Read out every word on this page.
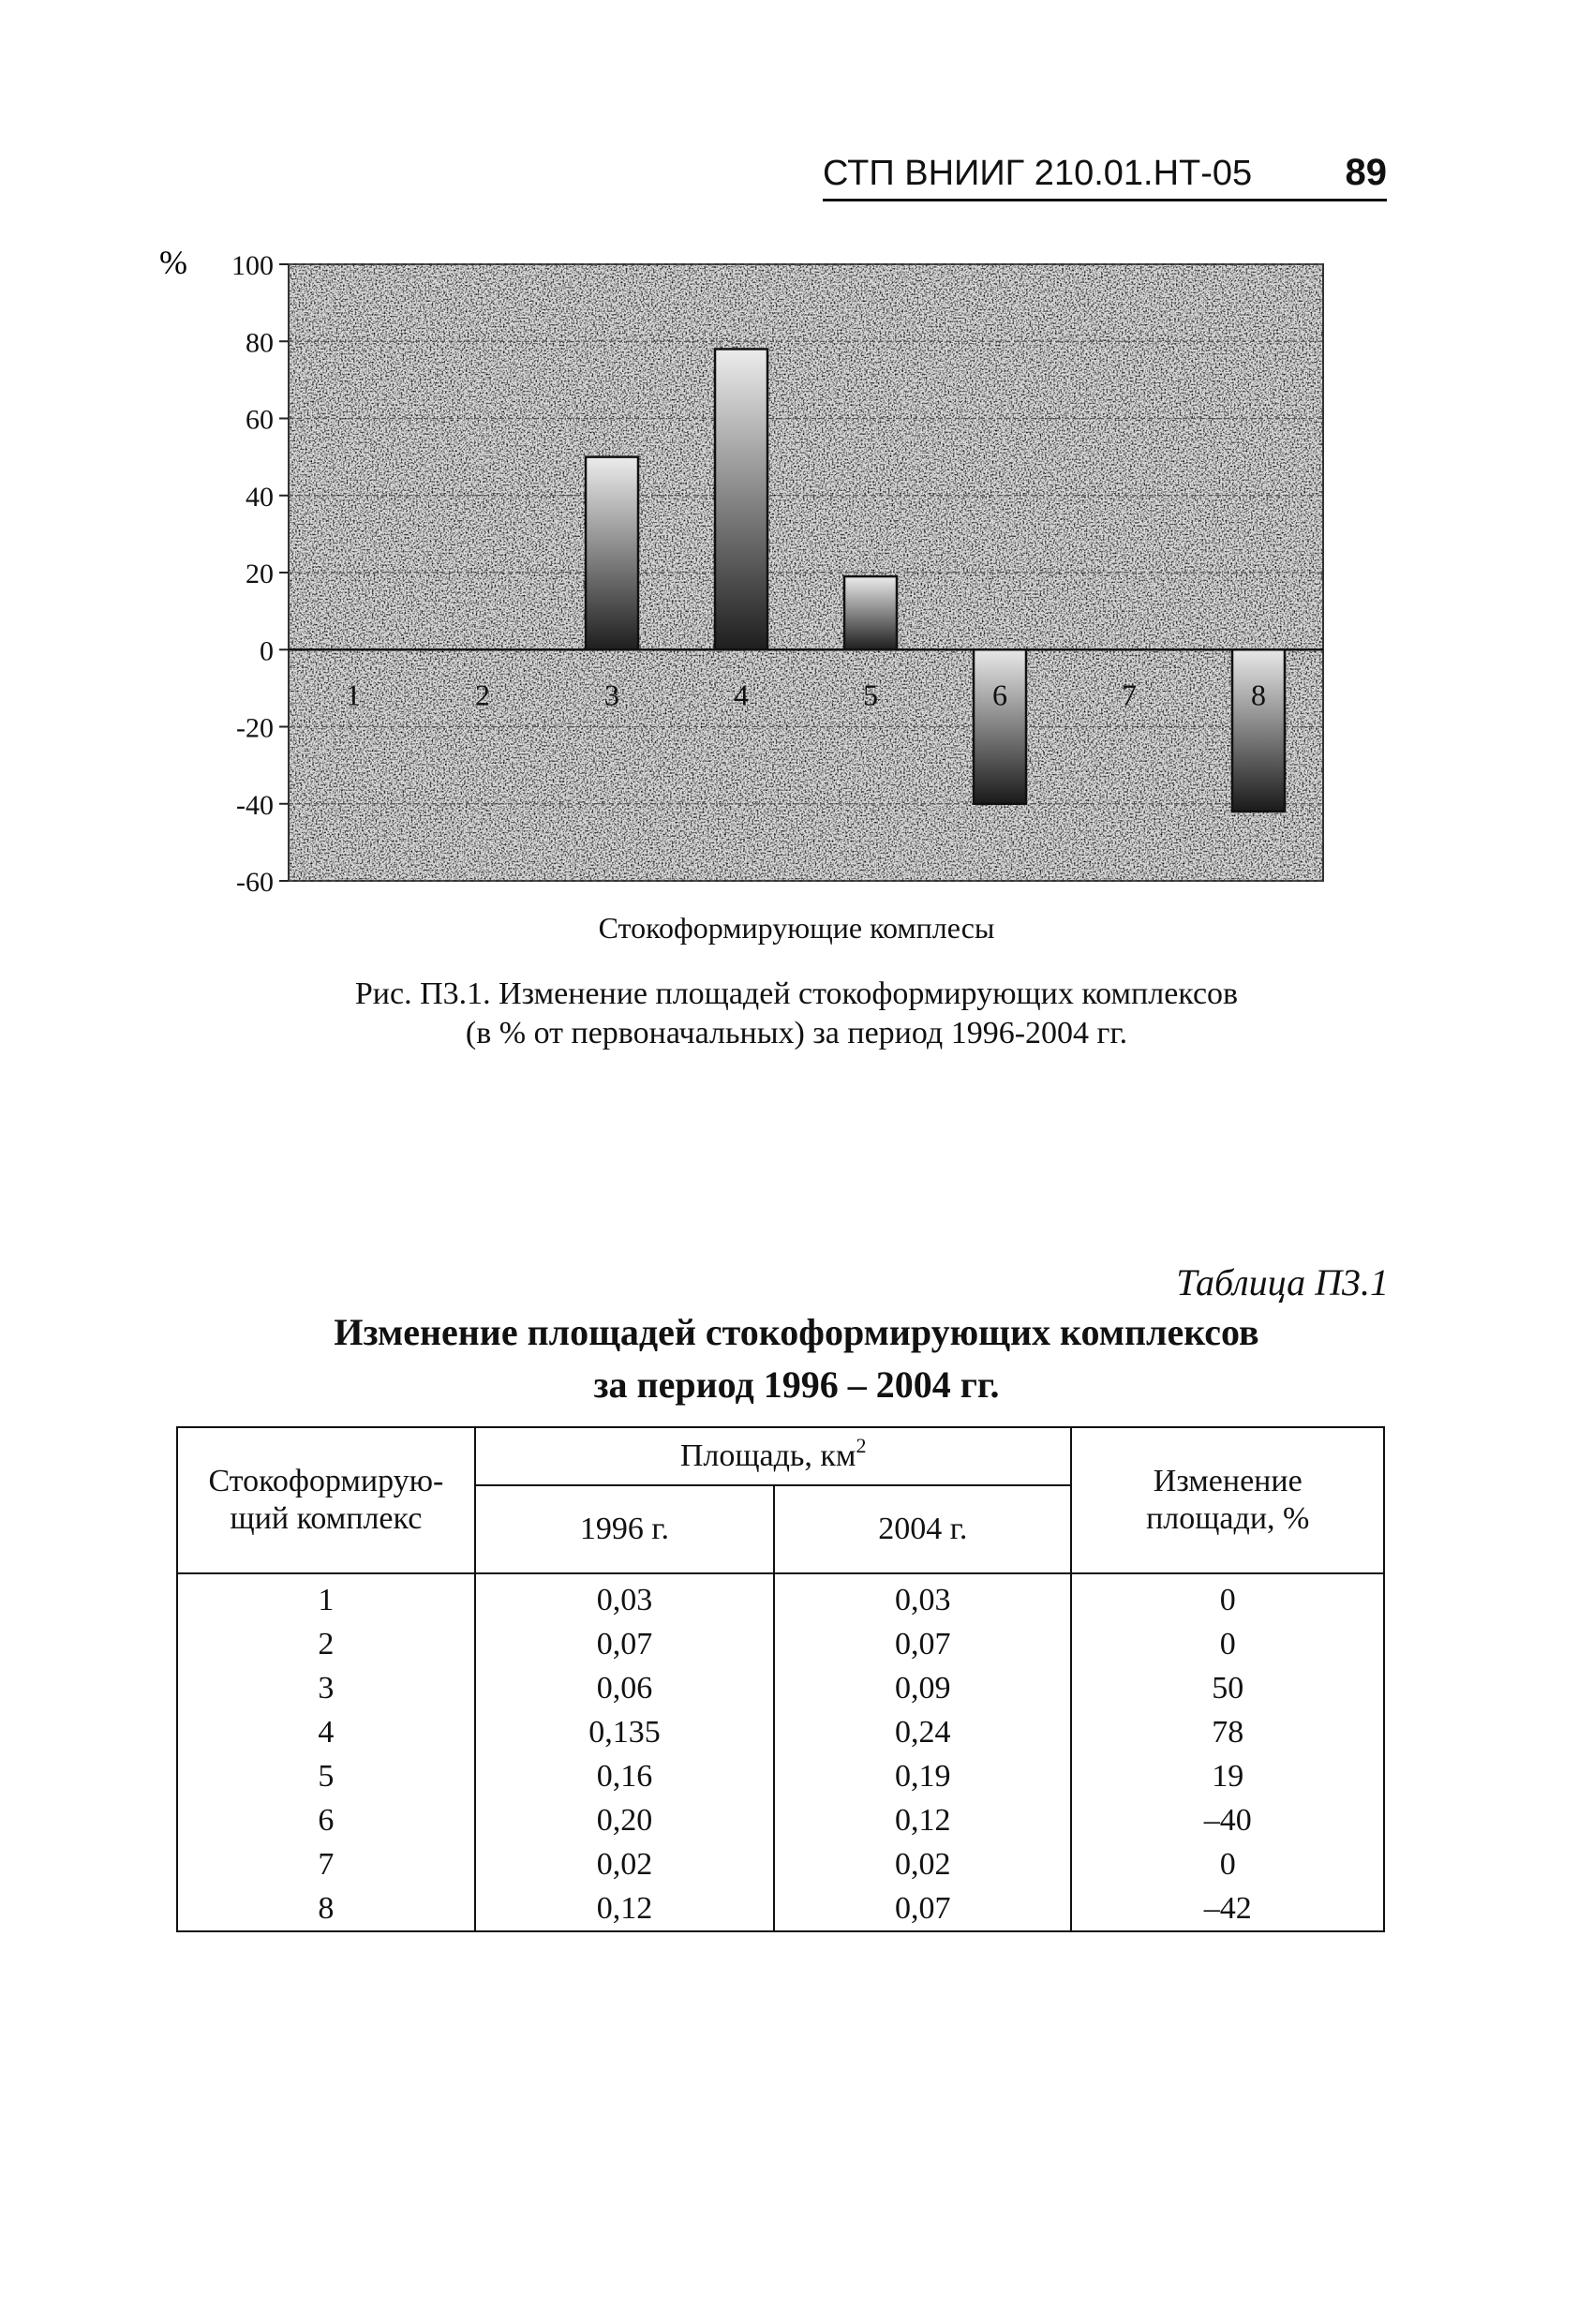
СТП ВНИИГ 210.01.НТ-05 89
1	2	3	4	5	6	7	8
100
80
60
40
20
0
-20
-40
-60
%
Стокоформирующие комплесы
Рис. П3.1. Изменение площадей стокоформирующих комплексов
(в % от первоначальных) за период 1996-2004 гг.
Таблица П3.1
Изменение площадей стокоформирующих комплексов
за период 1996 – 2004 гг.
Стокоформирую-
щий комплекс	Площадь, $км^2$		Изменение
площади, %
	1996 г.	2004 г.	
1	0,03	0,03	0
2	0,07	0,07	0
3	0,06	0,09	50
4	0,135	0,24	78
5	0,16	0,19	19
6	0,20	0,12	–40
7	0,02	0,02	0
8	0,12	0,07	–42
